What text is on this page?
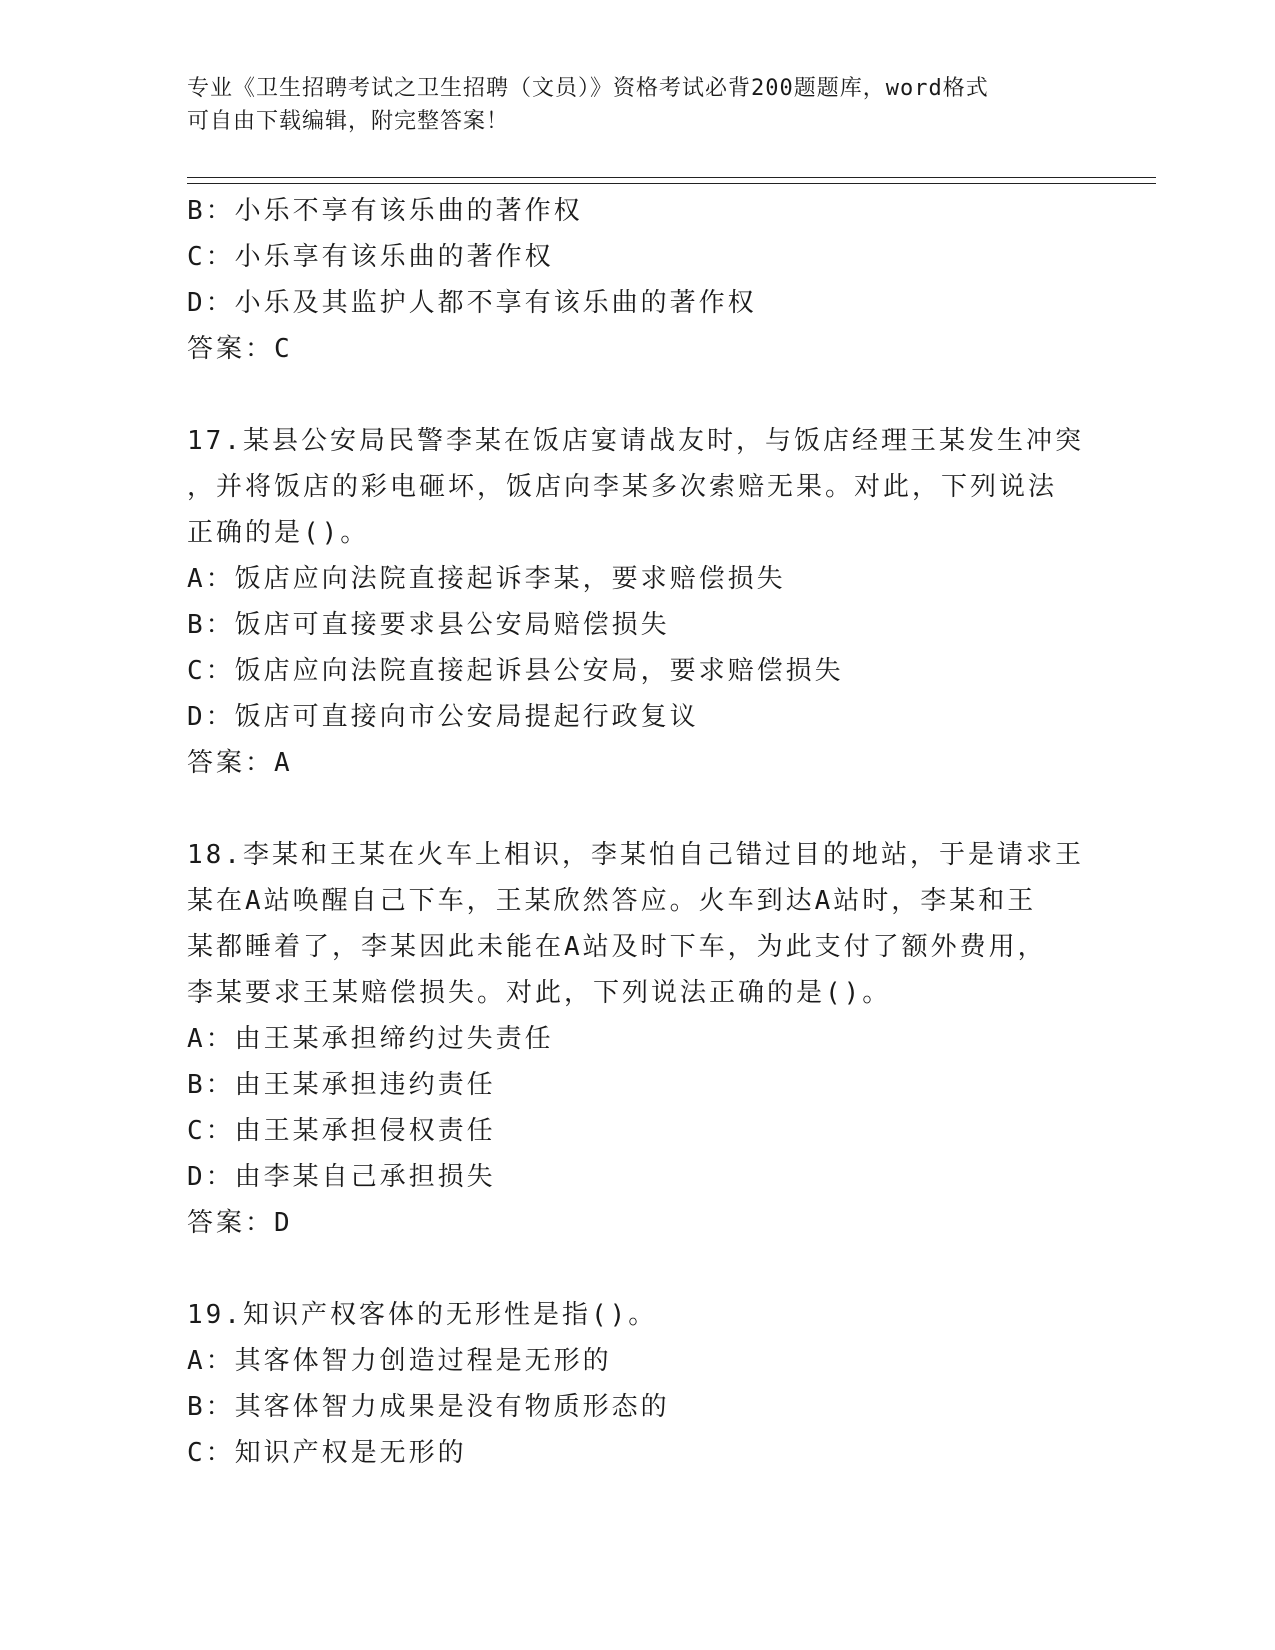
专业《卫生招聘考试之卫生招聘（文员）》资格考试必背200题题库，word格式
可自由下载编辑，附完整答案！
B：小乐不享有该乐曲的著作权
C：小乐享有该乐曲的著作权
D：小乐及其监护人都不享有该乐曲的著作权
答案：C
17.某县公安局民警李某在饭店宴请战友时，与饭店经理王某发生冲突
，并将饭店的彩电砸坏，饭店向李某多次索赔无果。对此，下列说法
正确的是()。
A：饭店应向法院直接起诉李某，要求赔偿损失
B：饭店可直接要求县公安局赔偿损失
C：饭店应向法院直接起诉县公安局，要求赔偿损失
D：饭店可直接向市公安局提起行政复议
答案：A
18.李某和王某在火车上相识，李某怕自己错过目的地站，于是请求王
某在A站唤醒自己下车，王某欣然答应。火车到达A站时，李某和王
某都睡着了，李某因此未能在A站及时下车，为此支付了额外费用，
李某要求王某赔偿损失。对此，下列说法正确的是()。
A：由王某承担缔约过失责任
B：由王某承担违约责任
C：由王某承担侵权责任
D：由李某自己承担损失
答案：D
19.知识产权客体的无形性是指()。
A：其客体智力创造过程是无形的
B：其客体智力成果是没有物质形态的
C：知识产权是无形的
